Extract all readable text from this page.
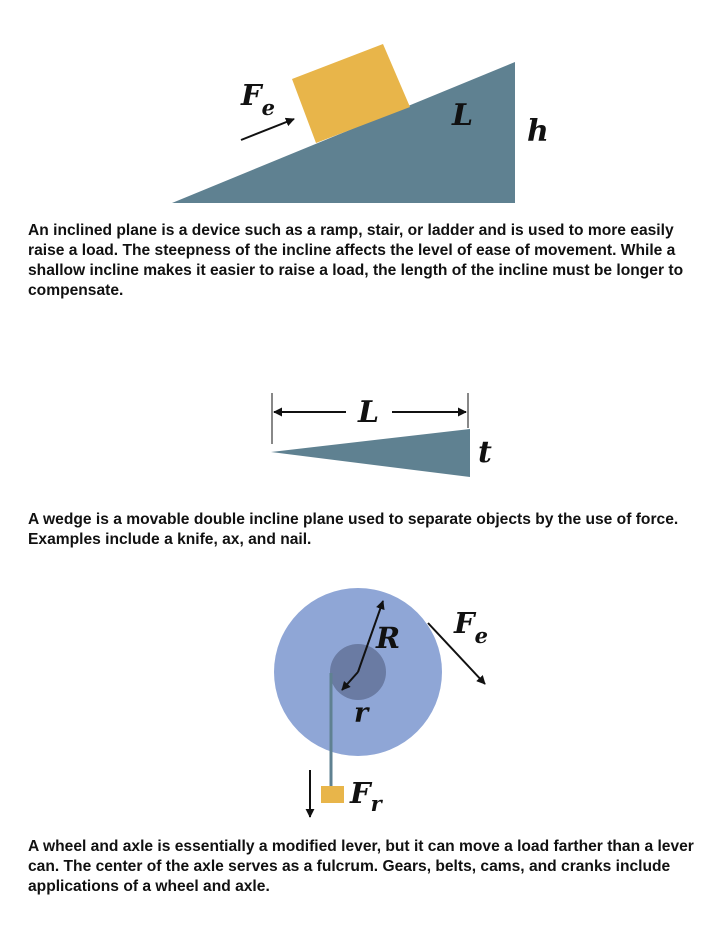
$F_e$	L h
L
t
R
r
$F_e$
$F_r$

An inclined plane is a device such as a ramp, stair, or ladder and is used to more easily raise a load. The steepness of the incline affects the level of ease of movement. While a shallow incline makes it easier to raise a load, the length of the incline must be longer to compensate.

A wedge is a movable double incline plane used to separate objects by the use of force. Examples include a knife, ax, and nail.

A wheel and axle is essentially a modified lever, but it can move a load farther than a lever can. The center of the axle serves as a fulcrum. Gears, belts, cams, and cranks include applications of a wheel and axle.
